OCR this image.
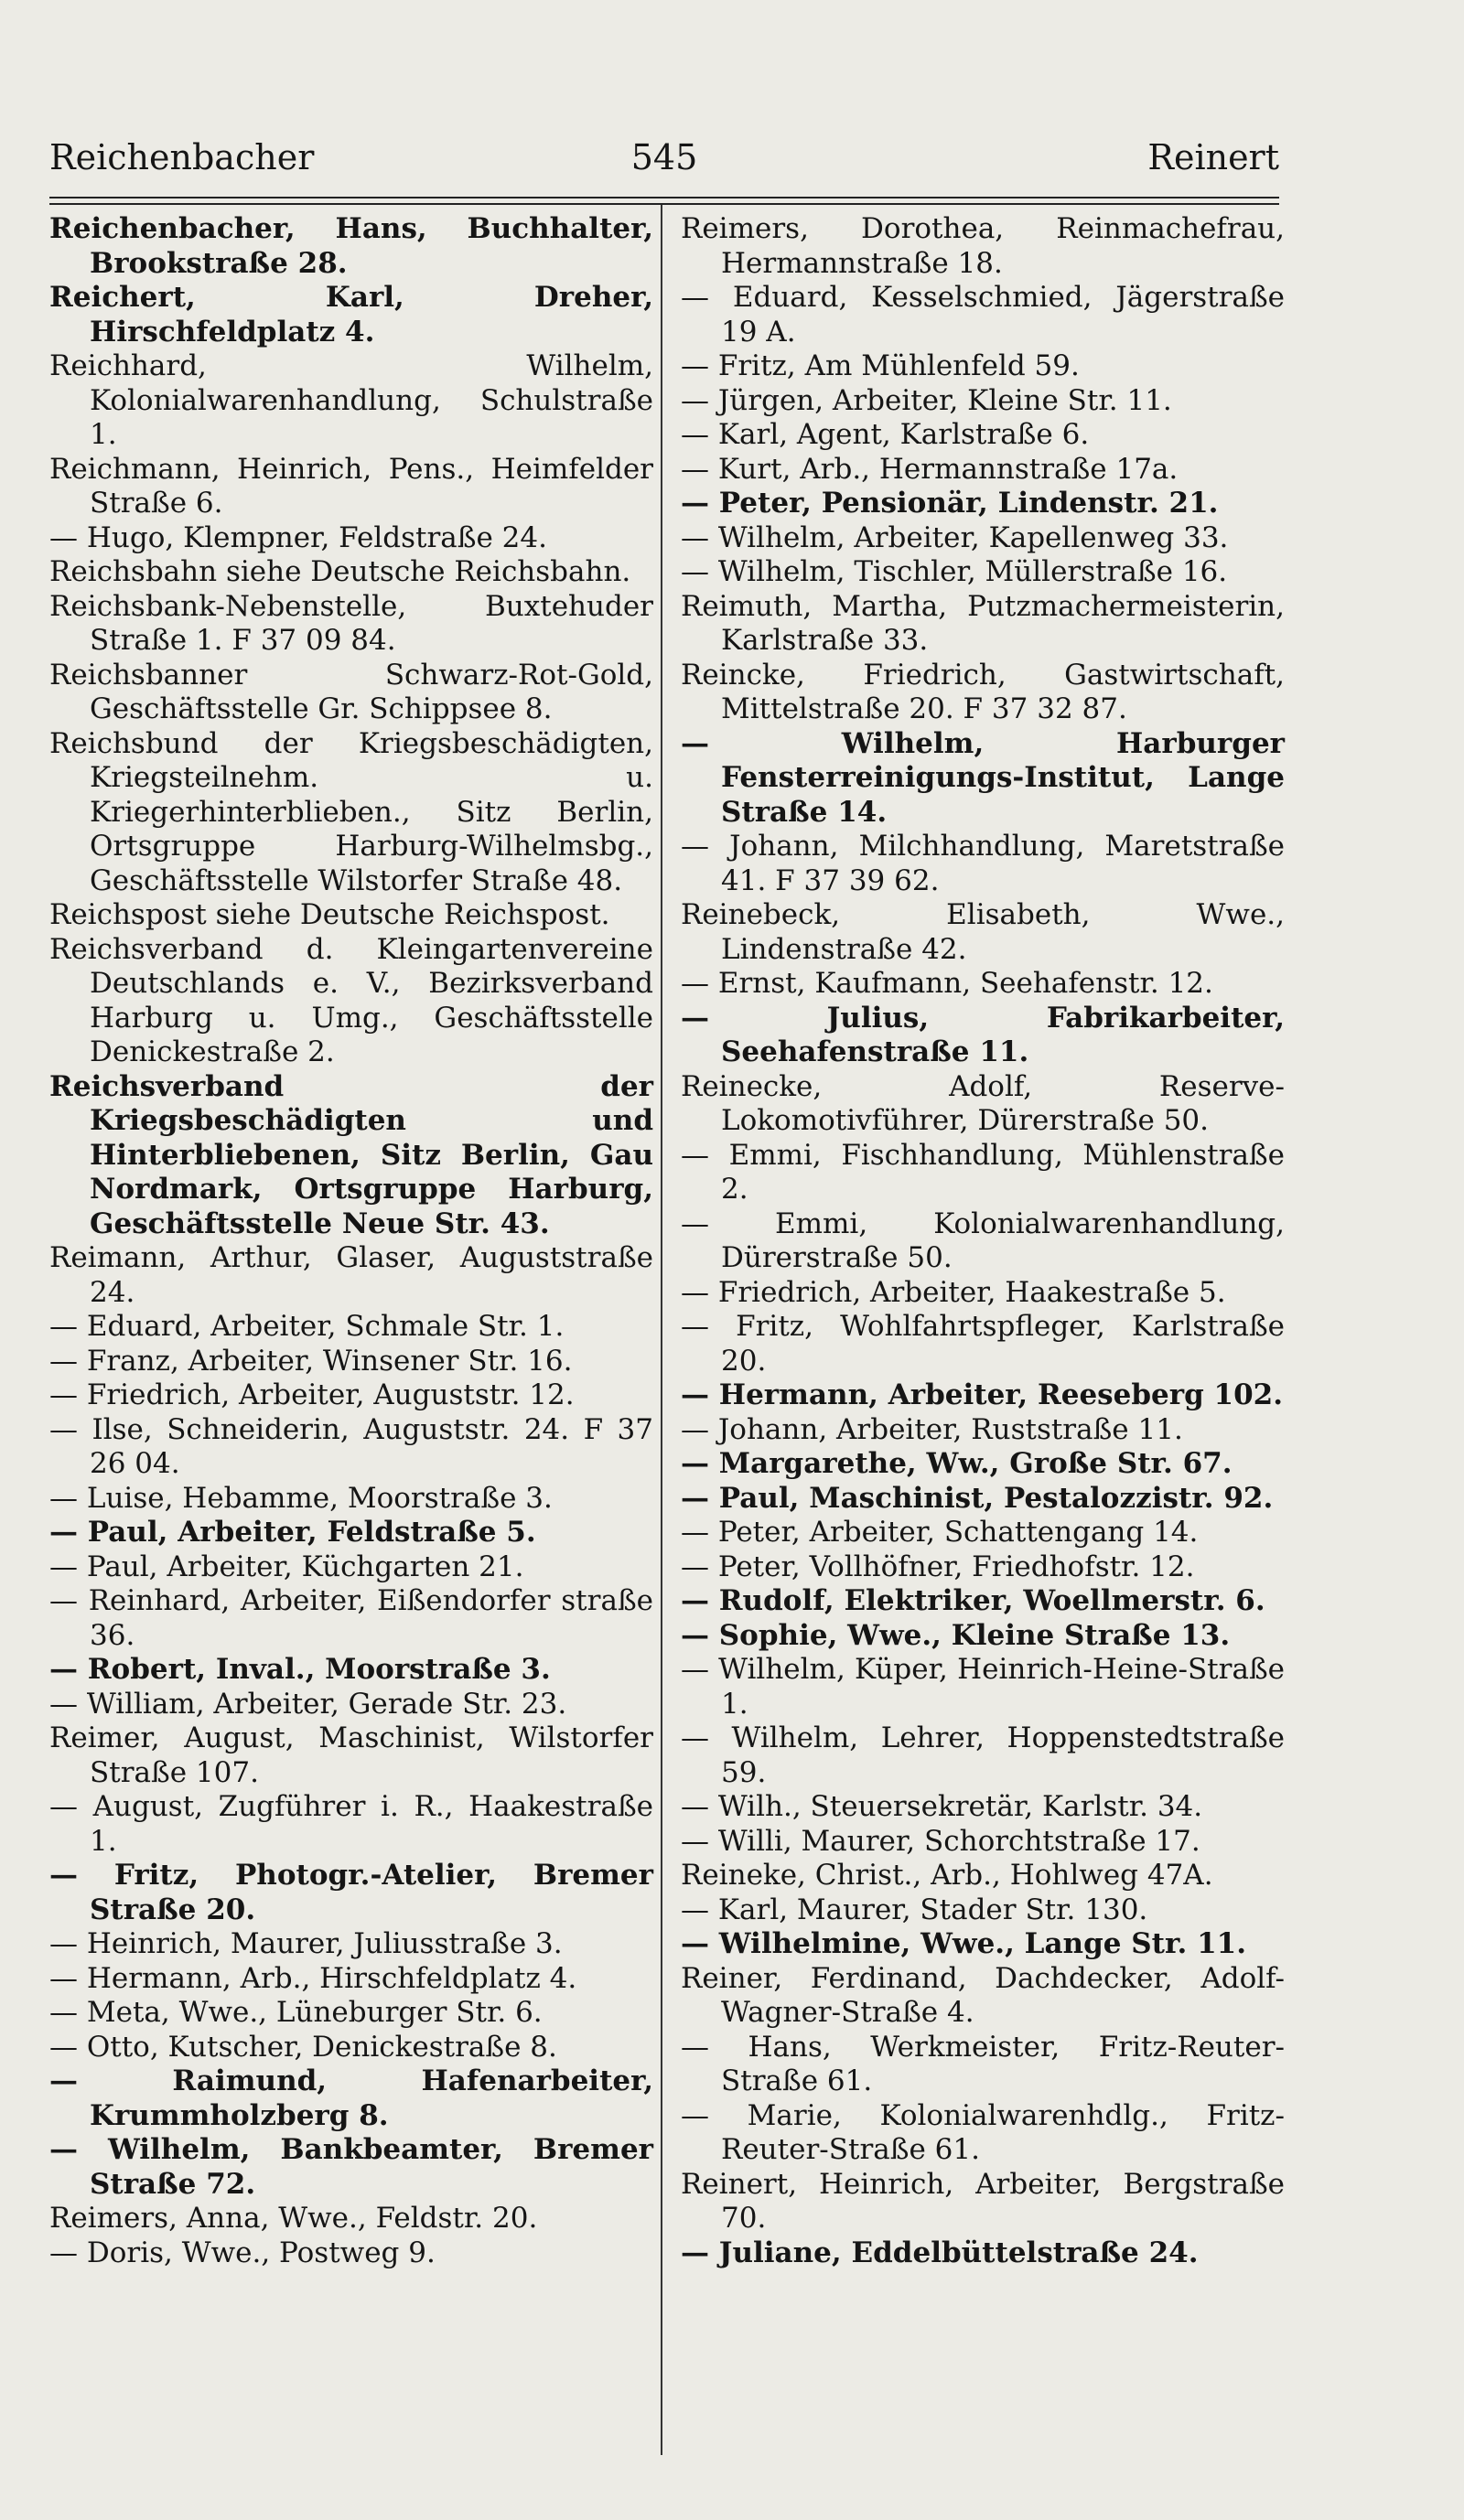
Reichenbacher	545	Reinert

Reichenbacher, Hans, Buchhalter, Brookstraße 28.

Reichert, Karl, Dreher, Hirschfeldplatz 4.

Reichhard, Wilhelm, Kolonialwarenhandlung, Schulstraße 1.

Reichmann, Heinrich, Pens., Heimfelder Straße 6.

— Hugo, Klempner, Feldstraße 24.

Reichsbahn siehe Deutsche Reichsbahn.

Reichsbank-Nebenstelle, Buxtehuder Straße 1. F 37 09 84.

Reichsbanner Schwarz-Rot-Gold, Geschäftsstelle Gr. Schippsee 8.

Reichsbund der Kriegsbeschädigten, Kriegsteilnehm. u. Kriegerhinterblieben., Sitz Berlin, Ortsgruppe Harburg-Wilhelmsbg., Geschäftsstelle Wilstorfer Straße 48.

Reichspost siehe Deutsche Reichspost.

Reichsverband d. Kleingartenvereine Deutschlands e. V., Bezirksverband Harburg u. Umg., Geschäftsstelle Denickestraße 2.

Reichsverband der Kriegsbeschädigten und Hinterbliebenen, Sitz Berlin, Gau Nordmark, Ortsgruppe Harburg, Geschäftsstelle Neue Str. 43.

Reimann, Arthur, Glaser, Auguststraße 24.

— Eduard, Arbeiter, Schmale Str. 1.

— Franz, Arbeiter, Winsener Str. 16.

— Friedrich, Arbeiter, Auguststr. 12.

— Ilse, Schneiderin, Auguststr. 24. F 37 26 04.

— Luise, Hebamme, Moorstraße 3.

— Paul, Arbeiter, Feldstraße 5.

— Paul, Arbeiter, Küchgarten 21.

— Reinhard, Arbeiter, Eißendorfer straße 36.

— Robert, Inval., Moorstraße 3.

— William, Arbeiter, Gerade Str. 23.

Reimer, August, Maschinist, Wilstorfer Straße 107.

— August, Zugführer i. R., Haakestraße 1.

— Fritz, Photogr.-Atelier, Bremer Straße 20.

— Heinrich, Maurer, Juliusstraße 3.

— Hermann, Arb., Hirschfeldplatz 4.

— Meta, Wwe., Lüneburger Str. 6.

— Otto, Kutscher, Denickestraße 8.

— Raimund, Hafenarbeiter, Krummholzberg 8.

— Wilhelm, Bankbeamter, Bremer Straße 72.

Reimers, Anna, Wwe., Feldstr. 20.

— Doris, Wwe., Postweg 9.

Reimers, Dorothea, Reinmachefrau, Hermannstraße 18.

— Eduard, Kesselschmied, Jägerstraße 19 A.

— Fritz, Am Mühlenfeld 59.

— Jürgen, Arbeiter, Kleine Str. 11.

— Karl, Agent, Karlstraße 6.

— Kurt, Arb., Hermannstraße 17a.

— Peter, Pensionär, Lindenstr. 21.

— Wilhelm, Arbeiter, Kapellenweg 33.

— Wilhelm, Tischler, Müllerstraße 16.

Reimuth, Martha, Putzmachermeisterin, Karlstraße 33.

Reincke, Friedrich, Gastwirtschaft, Mittelstraße 20. F 37 32 87.

— Wilhelm, Harburger Fensterreinigungs-Institut, Lange Straße 14.

— Johann, Milchhandlung, Maretstraße 41. F 37 39 62.

Reinebeck, Elisabeth, Wwe., Lindenstraße 42.

— Ernst, Kaufmann, Seehafenstr. 12.

— Julius, Fabrikarbeiter, Seehafenstraße 11.

Reinecke, Adolf, Reserve-Lokomotivführer, Dürerstraße 50.

— Emmi, Fischhandlung, Mühlenstraße 2.

— Emmi, Kolonialwarenhandlung, Dürerstraße 50.

— Friedrich, Arbeiter, Haakestraße 5.

— Fritz, Wohlfahrtspfleger, Karlstraße 20.

— Hermann, Arbeiter, Reeseberg 102.

— Johann, Arbeiter, Ruststraße 11.

— Margarethe, Ww., Große Str. 67.

— Paul, Maschinist, Pestalozzistr. 92.

— Peter, Arbeiter, Schattengang 14.

— Peter, Vollhöfner, Friedhofstr. 12.

— Rudolf, Elektriker, Woellmerstr. 6.

— Sophie, Wwe., Kleine Straße 13.

— Wilhelm, Küper, Heinrich-Heine-Straße 1.

— Wilhelm, Lehrer, Hoppenstedtstraße 59.

— Wilh., Steuersekretär, Karlstr. 34.

— Willi, Maurer, Schorchtstraße 17.

Reineke, Christ., Arb., Hohlweg 47A.

— Karl, Maurer, Stader Str. 130.

— Wilhelmine, Wwe., Lange Str. 11.

Reiner, Ferdinand, Dachdecker, Adolf-Wagner-Straße 4.

— Hans, Werkmeister, Fritz-Reuter-Straße 61.

— Marie, Kolonialwarenhdlg., Fritz-Reuter-Straße 61.

Reinert, Heinrich, Arbeiter, Bergstraße 70.

— Juliane, Eddelbüttelstraße 24.
